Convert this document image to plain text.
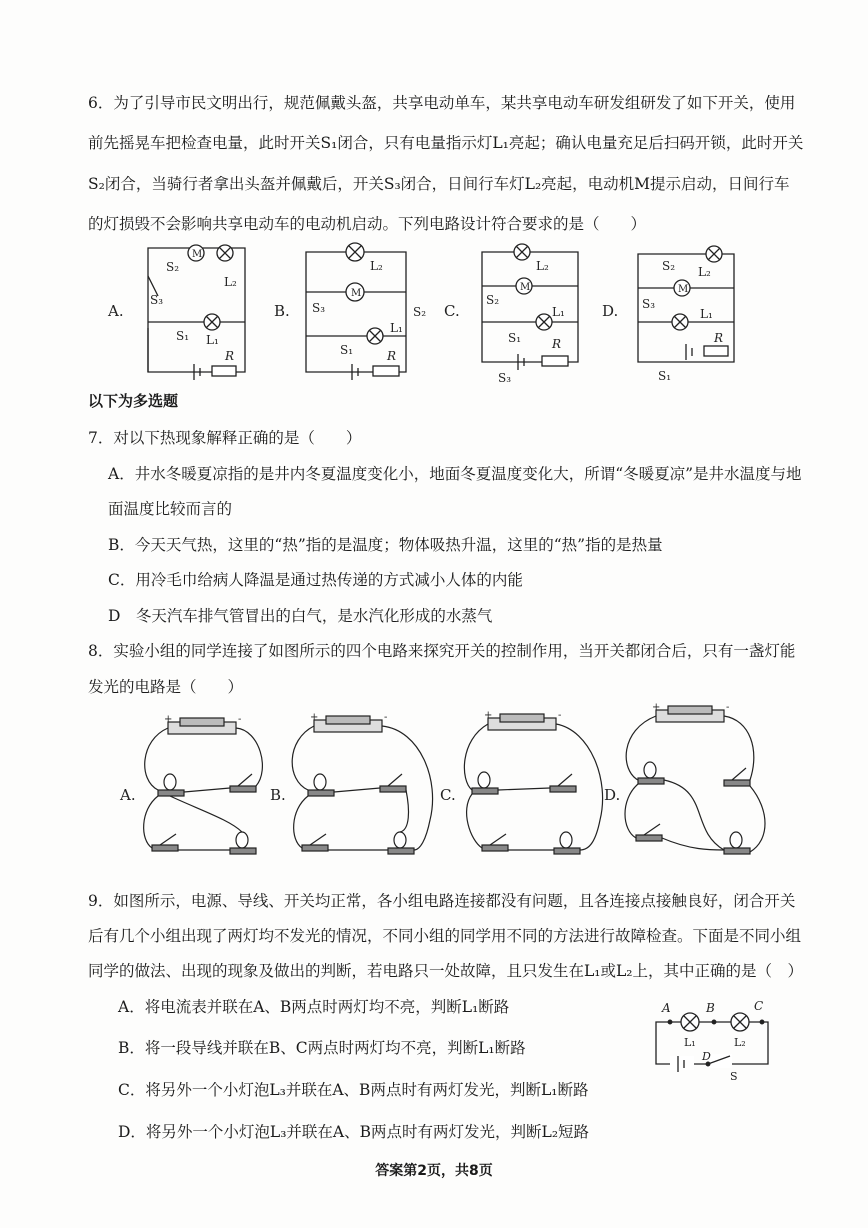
6．为了引导市民文明出行，规范佩戴头盔，共享电动单车，某共享电动车研发组研发了如下开关，使用
前先摇晃车把检查电量，此时开关S₁闭合，只有电量指示灯L₁亮起；确认电量充足后扫码开锁，此时开关
S₂闭合，当骑行者拿出头盔并佩戴后，开关S₃闭合，日间行车灯L₂亮起，电动机M提示启动，日间行车
的灯损毁不会影响共享电动车的电动机启动。下列电路设计符合要求的是（　　）
A.
M
S₂
L₂
S₃
S₁ L₁
R
B.
M
L₂
S₃	S₂
L₁
S₁	R
C.
M
L₂
S₂
L₁
S₁	R
S₃
D.
M
S₂ L₂
S₃
L₁
R
S₁
以下为多选题
7．对以下热现象解释正确的是（　　）
A．井水冬暖夏凉指的是井内冬夏温度变化小，地面冬夏温度变化大，所谓“冬暖夏凉”是井水温度与地
面温度比较而言的
B．今天天气热，这里的“热”指的是温度；物体吸热升温，这里的“热”指的是热量
C．用冷毛巾给病人降温是通过热传递的方式减小人体的内能
D　冬天汽车排气管冒出的白气，是水汽化形成的水蒸气
8．实验小组的同学连接了如图所示的四个电路来探究开关的控制作用，当开关都闭合后，只有一盏灯能
发光的电路是（　　）
A.
+	-
B.
+	-
C.
+	-
D.
+	-
9．如图所示，电源、导线、开关均正常，各小组电路连接都没有问题，且各连接点接触良好，闭合开关
后有几个小组出现了两灯均不发光的情况，不同小组的同学用不同的方法进行故障检查。下面是不同小组
同学的做法、出现的现象及做出的判断，若电路只一处故障，且只发生在L₁或L₂上，其中正确的是（　）
A．将电流表并联在A、B两点时两灯均不亮，判断L₁断路
B．将一段导线并联在B、C两点时两灯均不亮，判断L₁断路
C．将另外一个小灯泡L₃并联在A、B两点时有两灯发光，判断L₁断路
D．将另外一个小灯泡L₃并联在A、B两点时有两灯发光，判断L₂短路
A	B	C
L₁	L₂
D
S
答案第2页，共8页
